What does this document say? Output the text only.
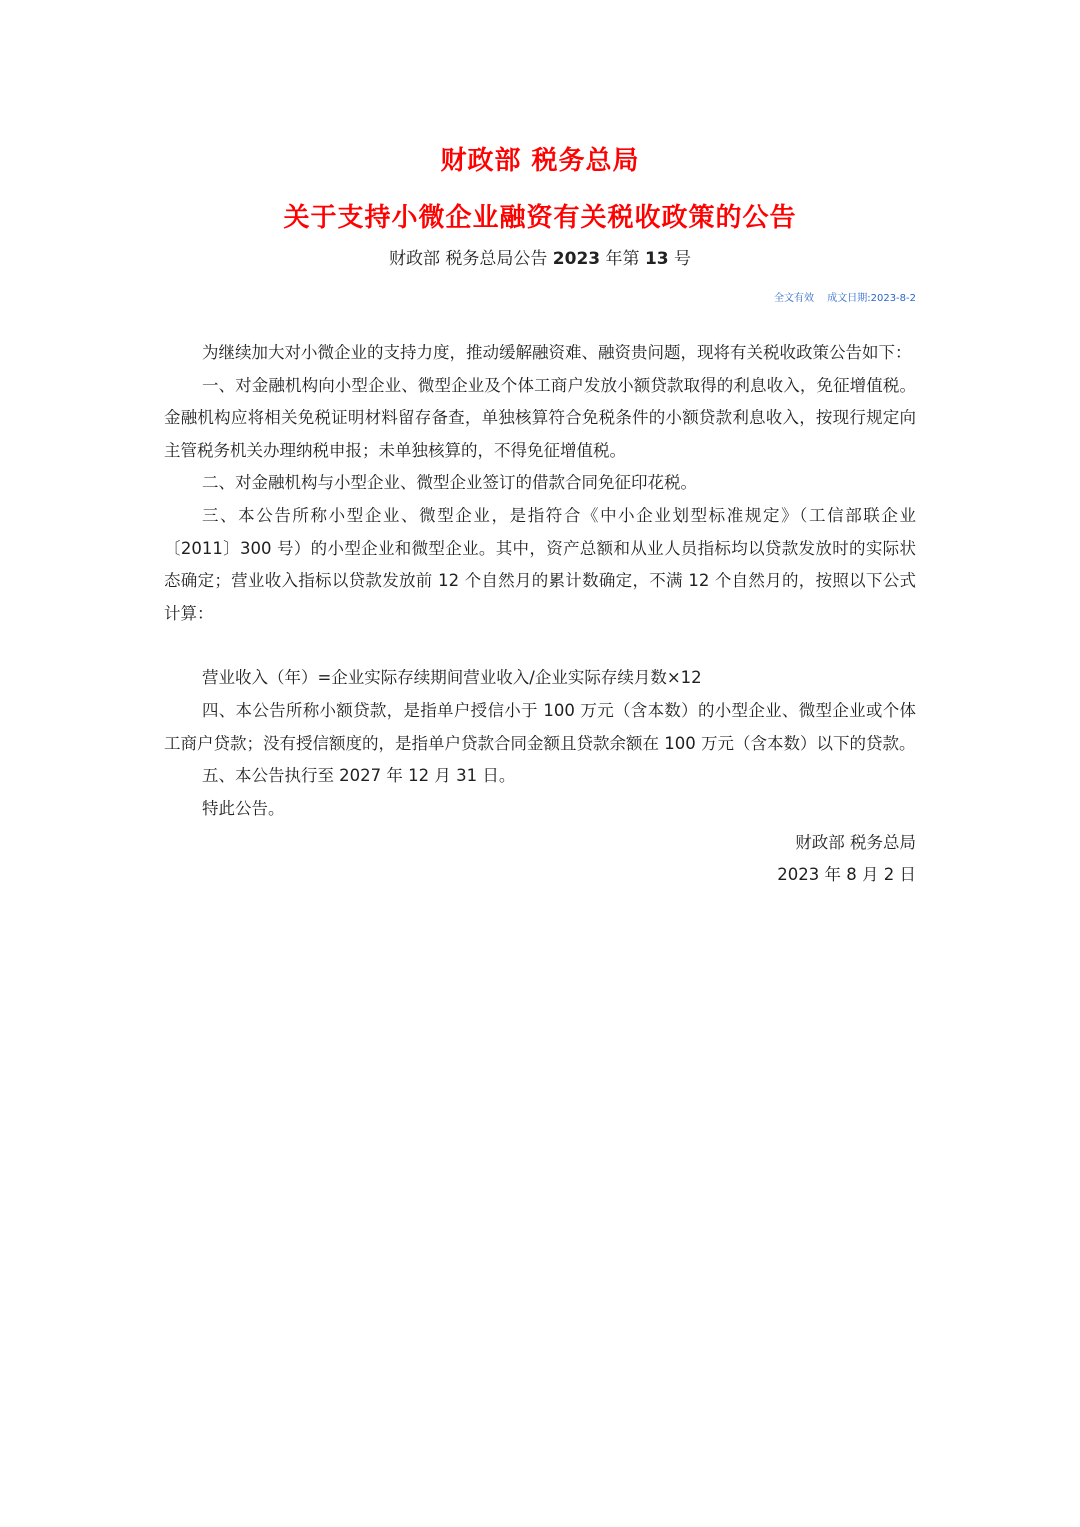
财政部 税务总局
关于支持小微企业融资有关税收政策的公告
财政部 税务总局公告 2023 年第 13 号
全文有效 成文日期:2023-8-2

为继续加大对小微企业的支持力度，推动缓解融资难、融资贵问题，现将有关税收政策公告如下：

一、对金融机构向小型企业、微型企业及个体工商户发放小额贷款取得的利息收入，免征增值税。金融机构应将相关免税证明材料留存备查，单独核算符合免税条件的小额贷款利息收入，按现行规定向主管税务机关办理纳税申报；未单独核算的，不得免征增值税。

二、对金融机构与小型企业、微型企业签订的借款合同免征印花税。

三、本公告所称小型企业、微型企业，是指符合《中小企业划型标准规定》（工信部联企业〔2011〕300 号）的小型企业和微型企业。其中，资产总额和从业人员指标均以贷款发放时的实际状态确定；营业收入指标以贷款发放前 12 个自然月的累计数确定，不满 12 个自然月的，按照以下公式计算：

营业收入（年）=企业实际存续期间营业收入/企业实际存续月数×12

四、本公告所称小额贷款，是指单户授信小于 100 万元（含本数）的小型企业、微型企业或个体工商户贷款；没有授信额度的，是指单户贷款合同金额且贷款余额在 100 万元（含本数）以下的贷款。

五、本公告执行至 2027 年 12 月 31 日。

特此公告。

财政部 税务总局
2023 年 8 月 2 日
